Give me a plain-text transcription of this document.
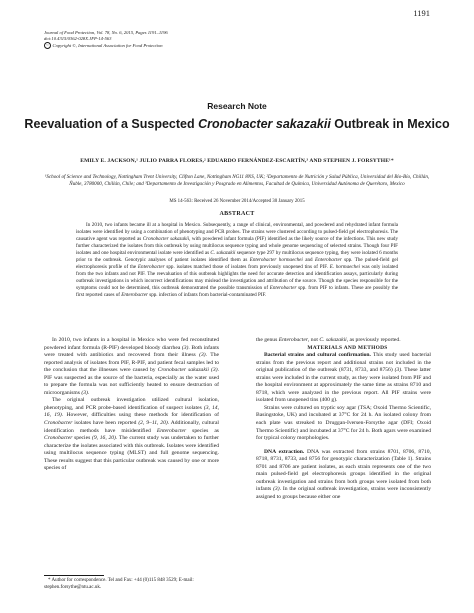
1191
Journal of Food Protection, Vol. 78, No. 6, 2015, Pages 1191–1196
doi:10.4315/0362-028X.JFP-14-563
© Copyright ©, International Association for Food Protection
Research Note
Reevaluation of a Suspected Cronobacter sakazakii Outbreak in Mexico
EMILY E. JACKSON,¹ JULIO PARRA FLORES,² EDUARDO FERNÁNDEZ-ESCARTÍN,³ AND STEPHEN J. FORSYTHE¹*
¹School of Science and Technology, Nottingham Trent University, Clifton Lane, Nottingham NG11 8NS, UK; ²Departamento de Nutrición y Salud Pública, Universidad del Bío-Bío, Chillán, Ñuble, 3780000, Chillán, Chile; and ³Departamento de Investigación y Posgrado en Alimentos, Facultad de Química, Universidad Autónoma de Querétaro, Mexico
MS 14-563: Received 26 November 2014/Accepted 30 January 2015
ABSTRACT
In 2010, two infants became ill at a hospital in Mexico. Subsequently, a range of clinical, environmental, and powdered and rehydrated infant formula isolates were identified by using a combination of phenotyping and PCR probes. The strains were clustered according to pulsed-field gel electrophoresis. The causative agent was reported as Cronobacter sakazakii, with powdered infant formula (PIF) identified as the likely source of the infections. This new study further characterized the isolates from this outbreak by using multilocus sequence typing and whole genome sequencing of selected strains. Though four PIF isolates and one hospital environmental isolate were identified as C. sakazakii sequence type 297 by multilocus sequence typing, they were isolated 6 months prior to the outbreak. Genotypic analyses of patient isolates identified them as Enterobacter hormaechei and Enterobacter spp. The pulsed-field gel electrophoresis profile of the Enterobacter spp. isolates matched those of isolates from previously unopened tins of PIF. E. hormaechei was only isolated from the two infants and not PIF. The reevaluation of this outbreak highlights the need for accurate detection and identification assays, particularly during outbreak investigations in which incorrect identifications may mislead the investigation and attribution of the source. Though the species responsible for the symptoms could not be determined, this outbreak demonstrated the possible transmission of Enterobacter spp. from PIF to infants. These are possibly the first reported cases of Enterobacter spp. infection of infants from bacterial-contaminated PIF.

In 2010, two infants in a hospital in Mexico who were fed reconstituted powdered infant formula (R-PIF) developed bloody diarrhea (3). Both infants were treated with antibiotics and recovered from their illness (3). The reported analysis of isolates from PIF, R-PIF, and patient fecal samples led to the conclusion that the illnesses were caused by Cronobacter sakazakii (3). PIF was suspected as the source of the bacteria, especially as the water used to prepare the formula was not sufficiently heated to ensure destruction of microorganisms (3).

The original outbreak investigation utilized cultural isolation, phenotyping, and PCR probe-based identification of suspect isolates (3, 14, 16, 19). However, difficulties using these methods for identification of Cronobacter isolates have been reported (2, 9–11, 20). Additionally, cultural identification methods have misidentified Enterobacter species as Cronobacter species (9, 16, 20). The current study was undertaken to further characterize the isolates associated with this outbreak. Isolates were identified using multilocus sequence typing (MLST) and full genome sequencing. These results suggest that this particular outbreak was caused by one or more species of

the genus Enterobacter, not C. sakazakii, as previously reported.

MATERIALS AND METHODS

Bacterial strains and cultural confirmation. This study used bacterial strains from the previous report and additional strains not included in the original publication of the outbreak (8731, 8733, and 8756) (3). These latter strains were included in the current study, as they were isolated from PIF and the hospital environment at approximately the same time as strains 8710 and 8718, which were analyzed in the previous report. All PIF strains were isolated from unopened tins (400 g).

Strains were cultured on tryptic soy agar (TSA; Oxoid Thermo Scientific, Basingstoke, UK) and incubated at 37°C for 24 h. An isolated colony from each plate was streaked to Druggan-Iversen-Forsythe agar (DFI; Oxoid Thermo Scientific) and incubated at 37°C for 24 h. Both agars were examined for typical colony morphologies.

DNA extraction. DNA was extracted from strains 8701, 8706, 8710, 8718, 8731, 8733, and 8756 for genotypic characterization (Table 1). Strains 8701 and 8706 are patient isolates, as each strain represents one of the two main pulsed-field gel electrophoresis groups identified in the original outbreak investigation and strains from both groups were isolated from both infants (3). In the original outbreak investigation, strains were inconsistently assigned to groups because either one

* Author for correspondence. Tel and Fax: +44 (0)115 848 3529; E-mail: stephen.forsythe@ntu.ac.uk.
